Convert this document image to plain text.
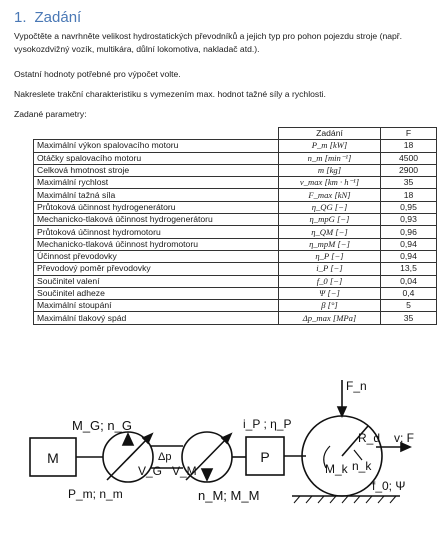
1. Zadání
Vypočtěte a navrhněte velikost hydrostatických převodníků a jejich typ pro pohon pojezdu stroje (např. vysokozdvižný vozík, multikára, důlní lokomotiva, nakladač atd.).
Ostatní hodnoty potřebné pro výpočet volte.
Nakreslete trakční charakteristiku s vymezením max. hodnot tažné síly a rychlosti.
Zadané parametry:
	Zadání	F
Maximální výkon spalovacího motoru	P_m [kW]	18
Otáčky spalovacího motoru	n_m [min⁻¹]	4500
Celková hmotnost stroje	m [kg]	2900
Maximální rychlost	v_max [km · h⁻¹]	35
Maximální tažná síla	F_max [kN]	18
Průtoková účinnost hydrogenerátoru	η_QG [−]	0,95
Mechanicko-tlaková účinnost hydrogenerátoru	η_mpG [−]	0,93
Průtoková účinnost hydromotoru	η_QM [−]	0,96
Mechanicko-tlaková účinnost hydromotoru	η_mpM [−]	0,94
Účinnost převodovky	η_P [−]	0,94
Převodový poměr převodovky	i_P [−]	13,5
Součinitel valení	f_0 [−]	0,04
Součinitel adheze	Ψ [−]	0,4
Maximální stoupání	β [°]	5
Maximální tlakový spád	Δp_max [MPa]	35
M	P
M_G; n_G
V_G V_M
Δp
P_m; n_m	n_M; M_M
i_P ; η_P
F_n
R_d
M_k n_k
v; F
f_0; Ψ
